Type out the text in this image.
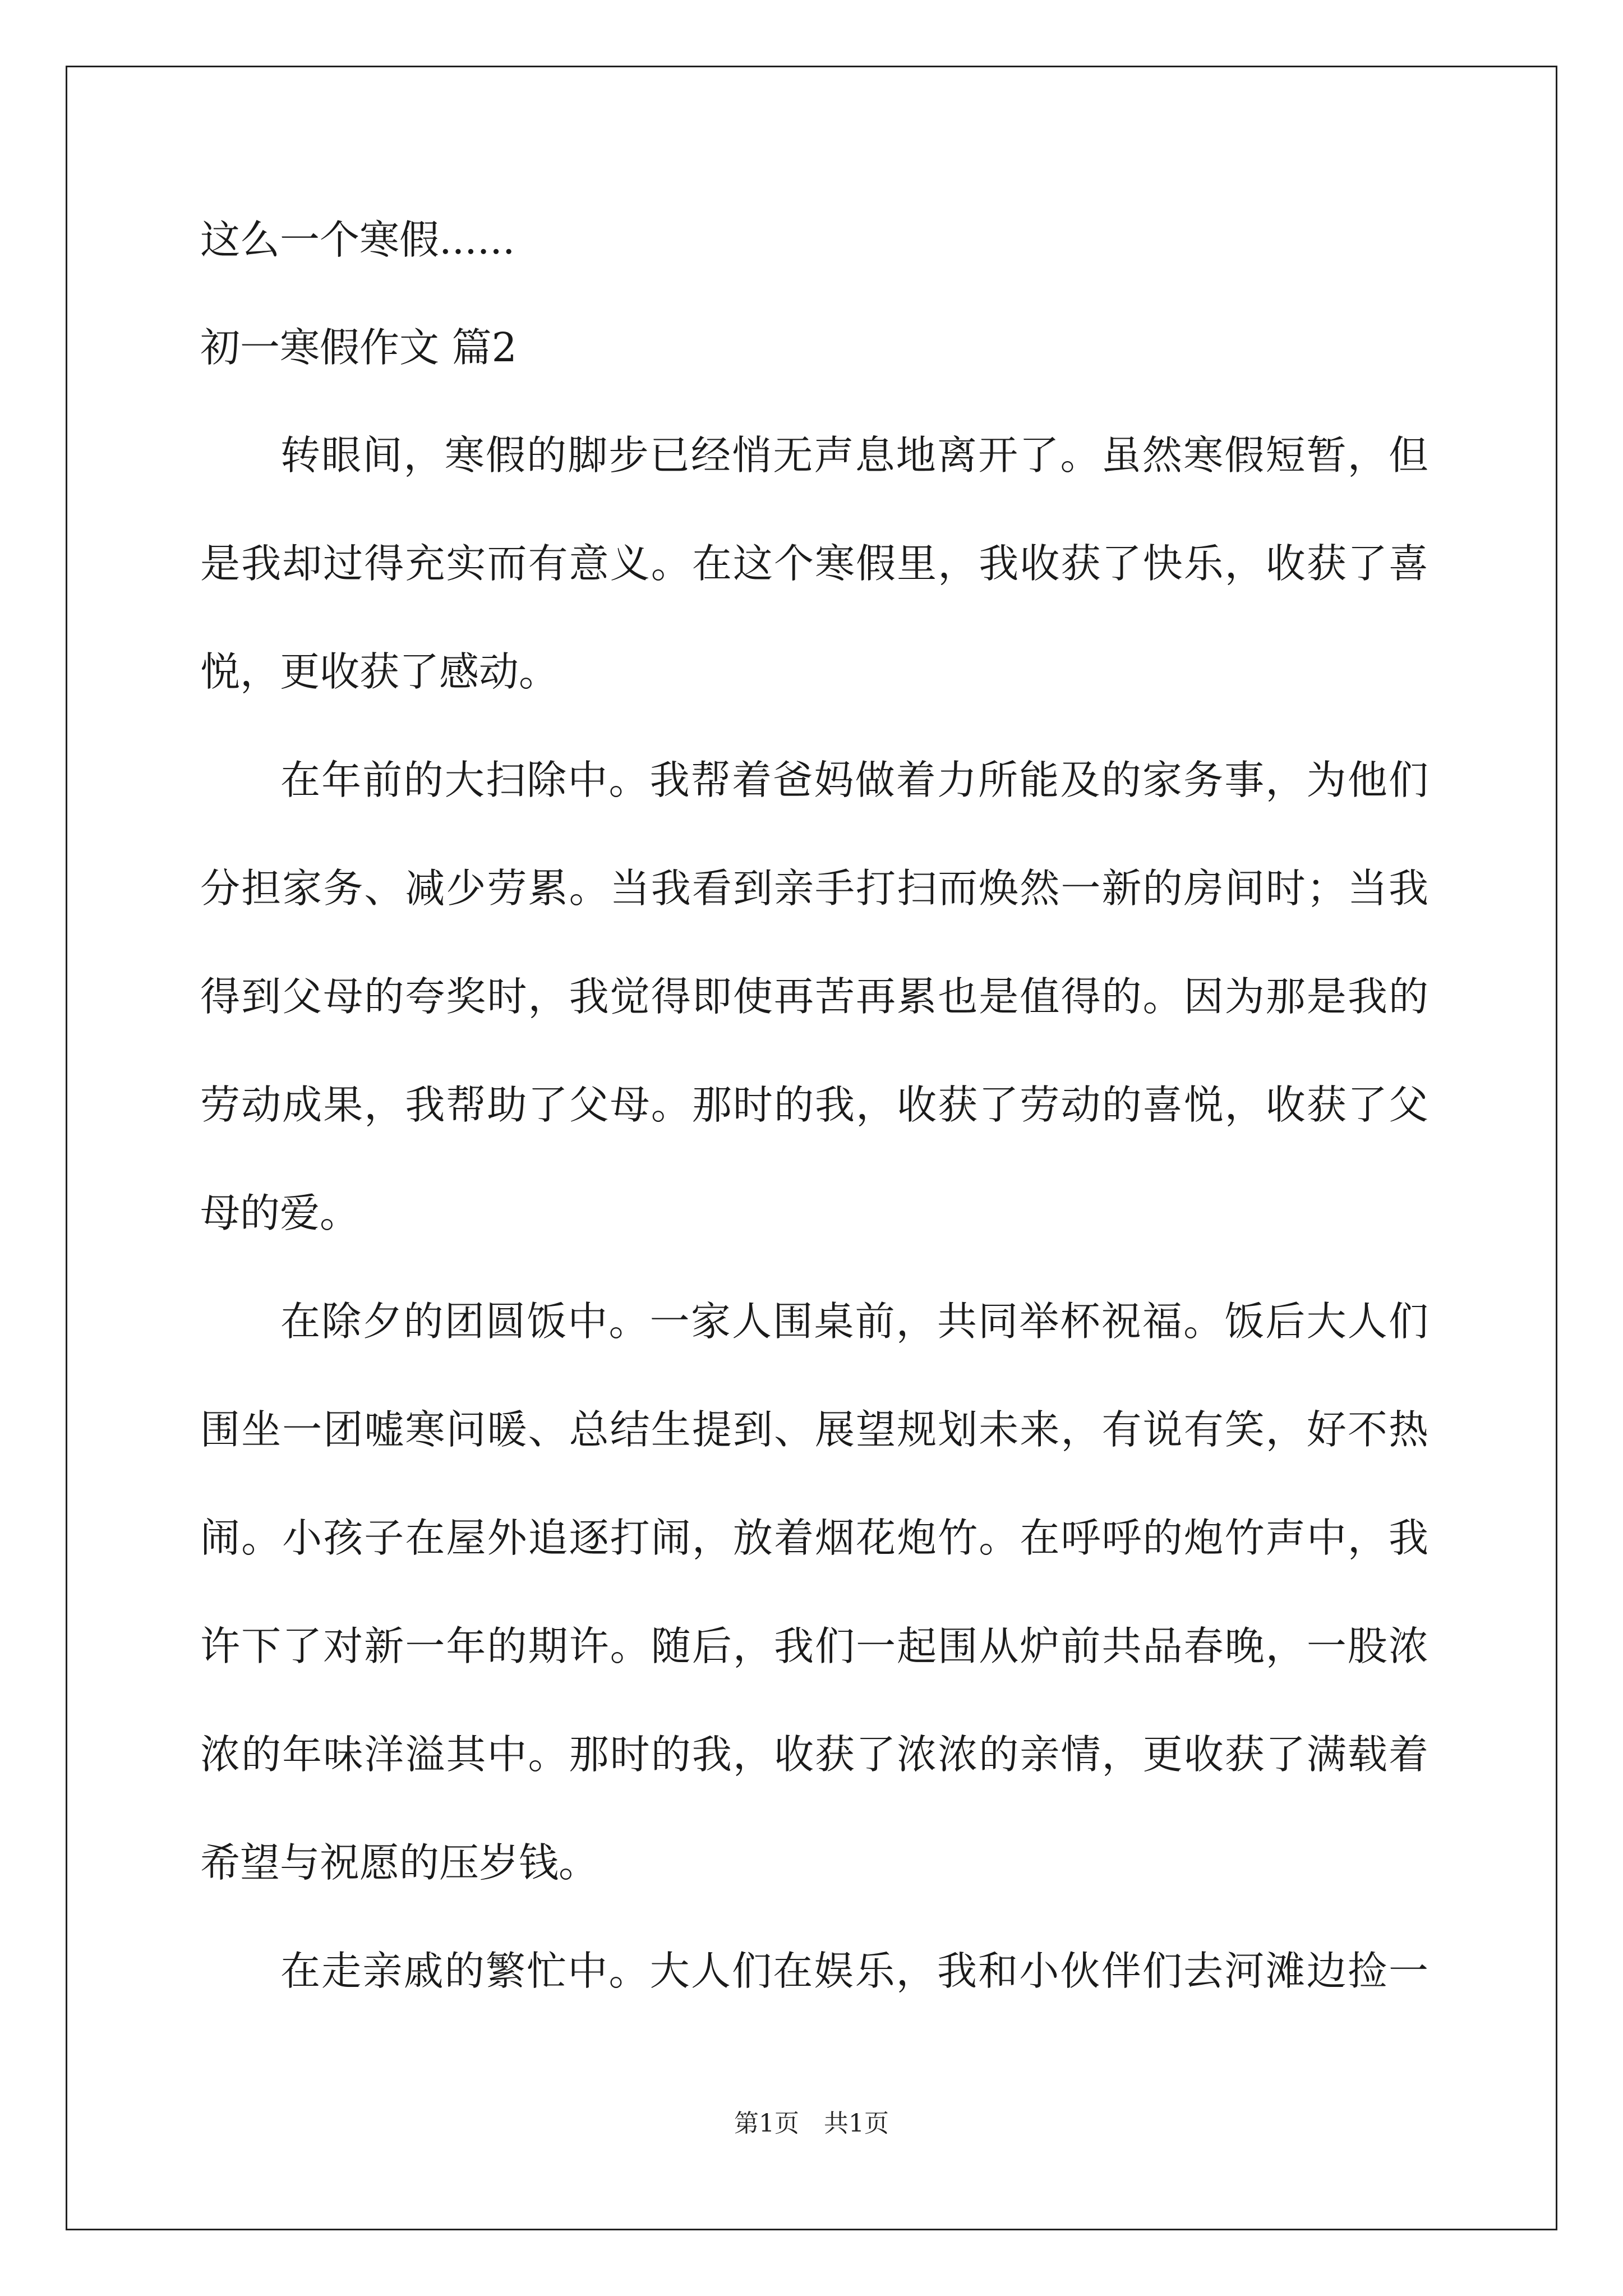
这么一个寒假......
初一寒假作文 篇2
转眼间，寒假的脚步已经悄无声息地离开了。虽然寒假短暂，但
是我却过得充实而有意义。在这个寒假里，我收获了快乐，收获了喜
悦，更收获了感动。
在年前的大扫除中。我帮着爸妈做着力所能及的家务事，为他们
分担家务、减少劳累。当我看到亲手打扫而焕然一新的房间时；当我
得到父母的夸奖时，我觉得即使再苦再累也是值得的。因为那是我的
劳动成果，我帮助了父母。那时的我，收获了劳动的喜悦，收获了父
母的爱。
在除夕的团圆饭中。一家人围桌前，共同举杯祝福。饭后大人们
围坐一团嘘寒问暖、总结生提到、展望规划未来，有说有笑，好不热
闹。小孩子在屋外追逐打闹，放着烟花炮竹。在呼呼的炮竹声中，我
许下了对新一年的期许。随后，我们一起围从炉前共品春晚，一股浓
浓的年味洋溢其中。那时的我，收获了浓浓的亲情，更收获了满载着
希望与祝愿的压岁钱。
在走亲戚的繁忙中。大人们在娱乐，我和小伙伴们去河滩边捡一
第1页　共1页
